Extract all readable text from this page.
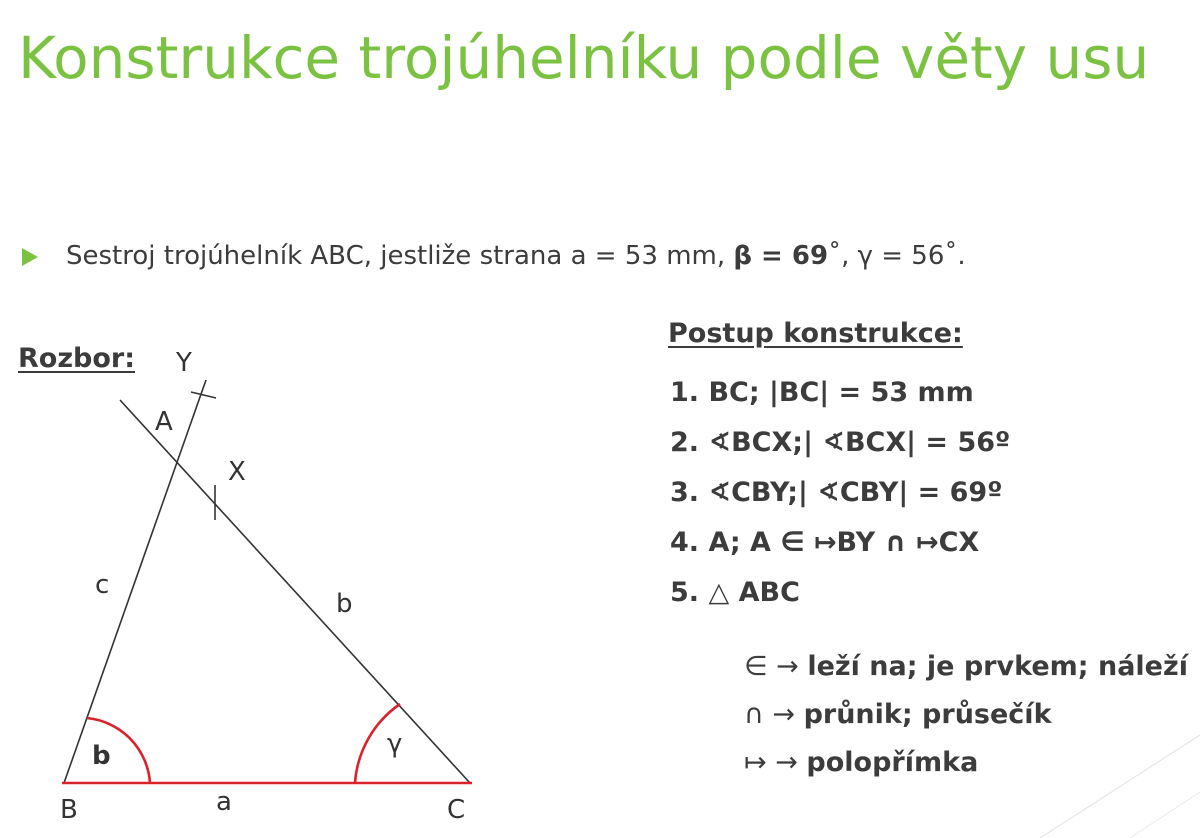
Konstrukce trojúhelníku podle věty usu
Sestroj trojúhelník ABC, jestliže strana a = 53 mm, β = 69˚, γ = 56˚.
Rozbor: Y
A
X
c
b
b	γ
B	a	C
Postup konstrukce:
1. BC; |BC| = 53 mm
2. ∢BCX;| ∢BCX| = 56º
3. ∢CBY;| ∢CBY| = 69º
4. A; A ∈ ↦BY ∩ ↦CX
5. △ ABC
∈ → leží na; je prvkem; náleží
∩ → průnik; průsečík
↦ → polopřímka
